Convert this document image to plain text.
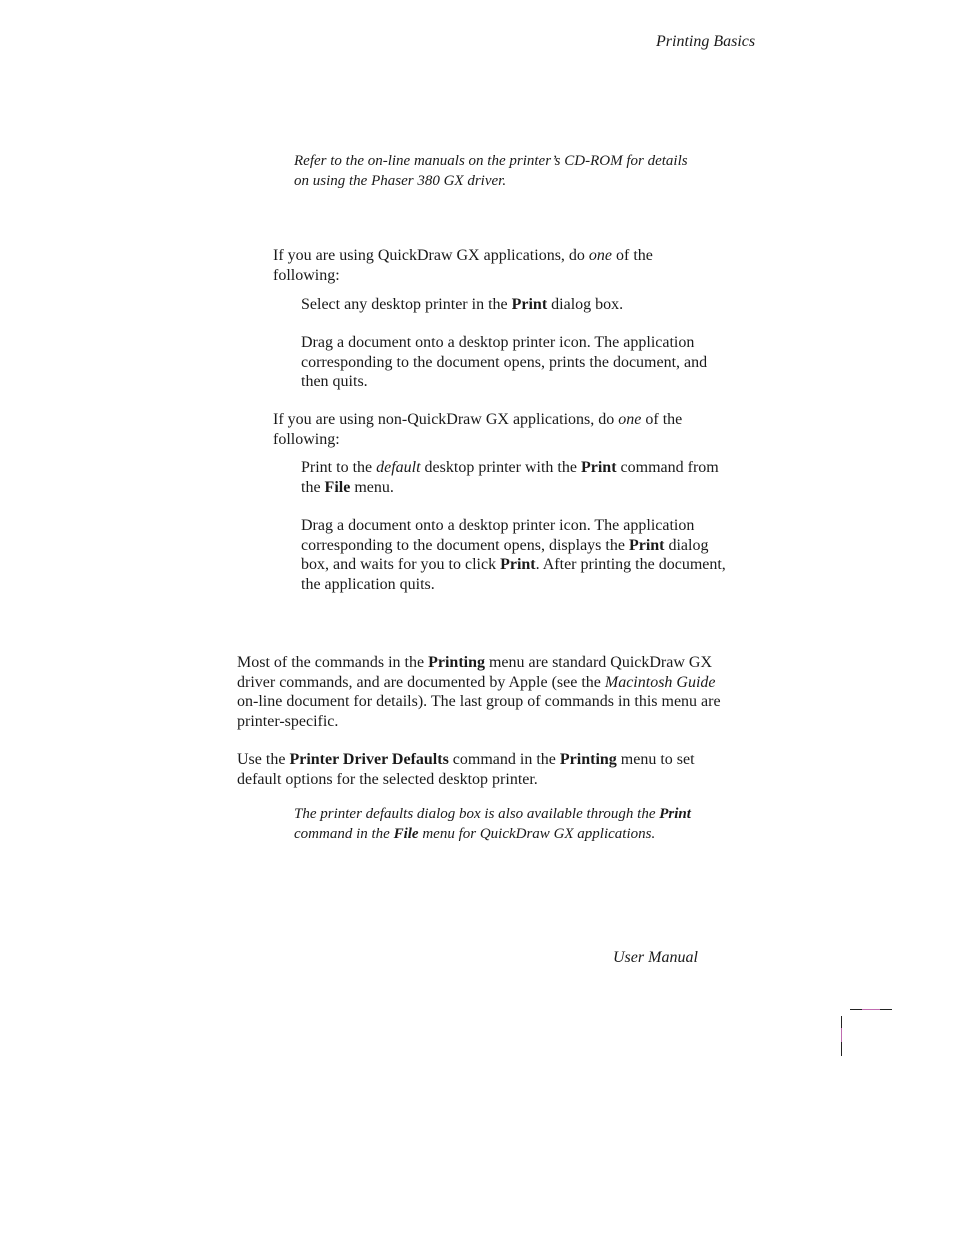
Printing Basics
Refer to the on-line manuals on the printer’s CD-ROM for details
on using the Phaser 380 GX driver.
If you are using QuickDraw GX applications, do one of the
following:
Select any desktop printer in the Print dialog box.
Drag a document onto a desktop printer icon. The application
corresponding to the document opens, prints the document, and
then quits.
If you are using non-QuickDraw GX applications, do one of the
following:
Print to the default desktop printer with the Print command from
the File menu.
Drag a document onto a desktop printer icon. The application
corresponding to the document opens, displays the Print dialog
box, and waits for you to click Print. After printing the document,
the application quits.
Most of the commands in the Printing menu are standard QuickDraw GX
driver commands, and are documented by Apple (see the Macintosh Guide
on-line document for details). The last group of commands in this menu are
printer-specific.
Use the Printer Driver Defaults command in the Printing menu to set
default options for the selected desktop printer.
The printer defaults dialog box is also available through the Print
command in the File menu for QuickDraw GX applications.
User Manual
